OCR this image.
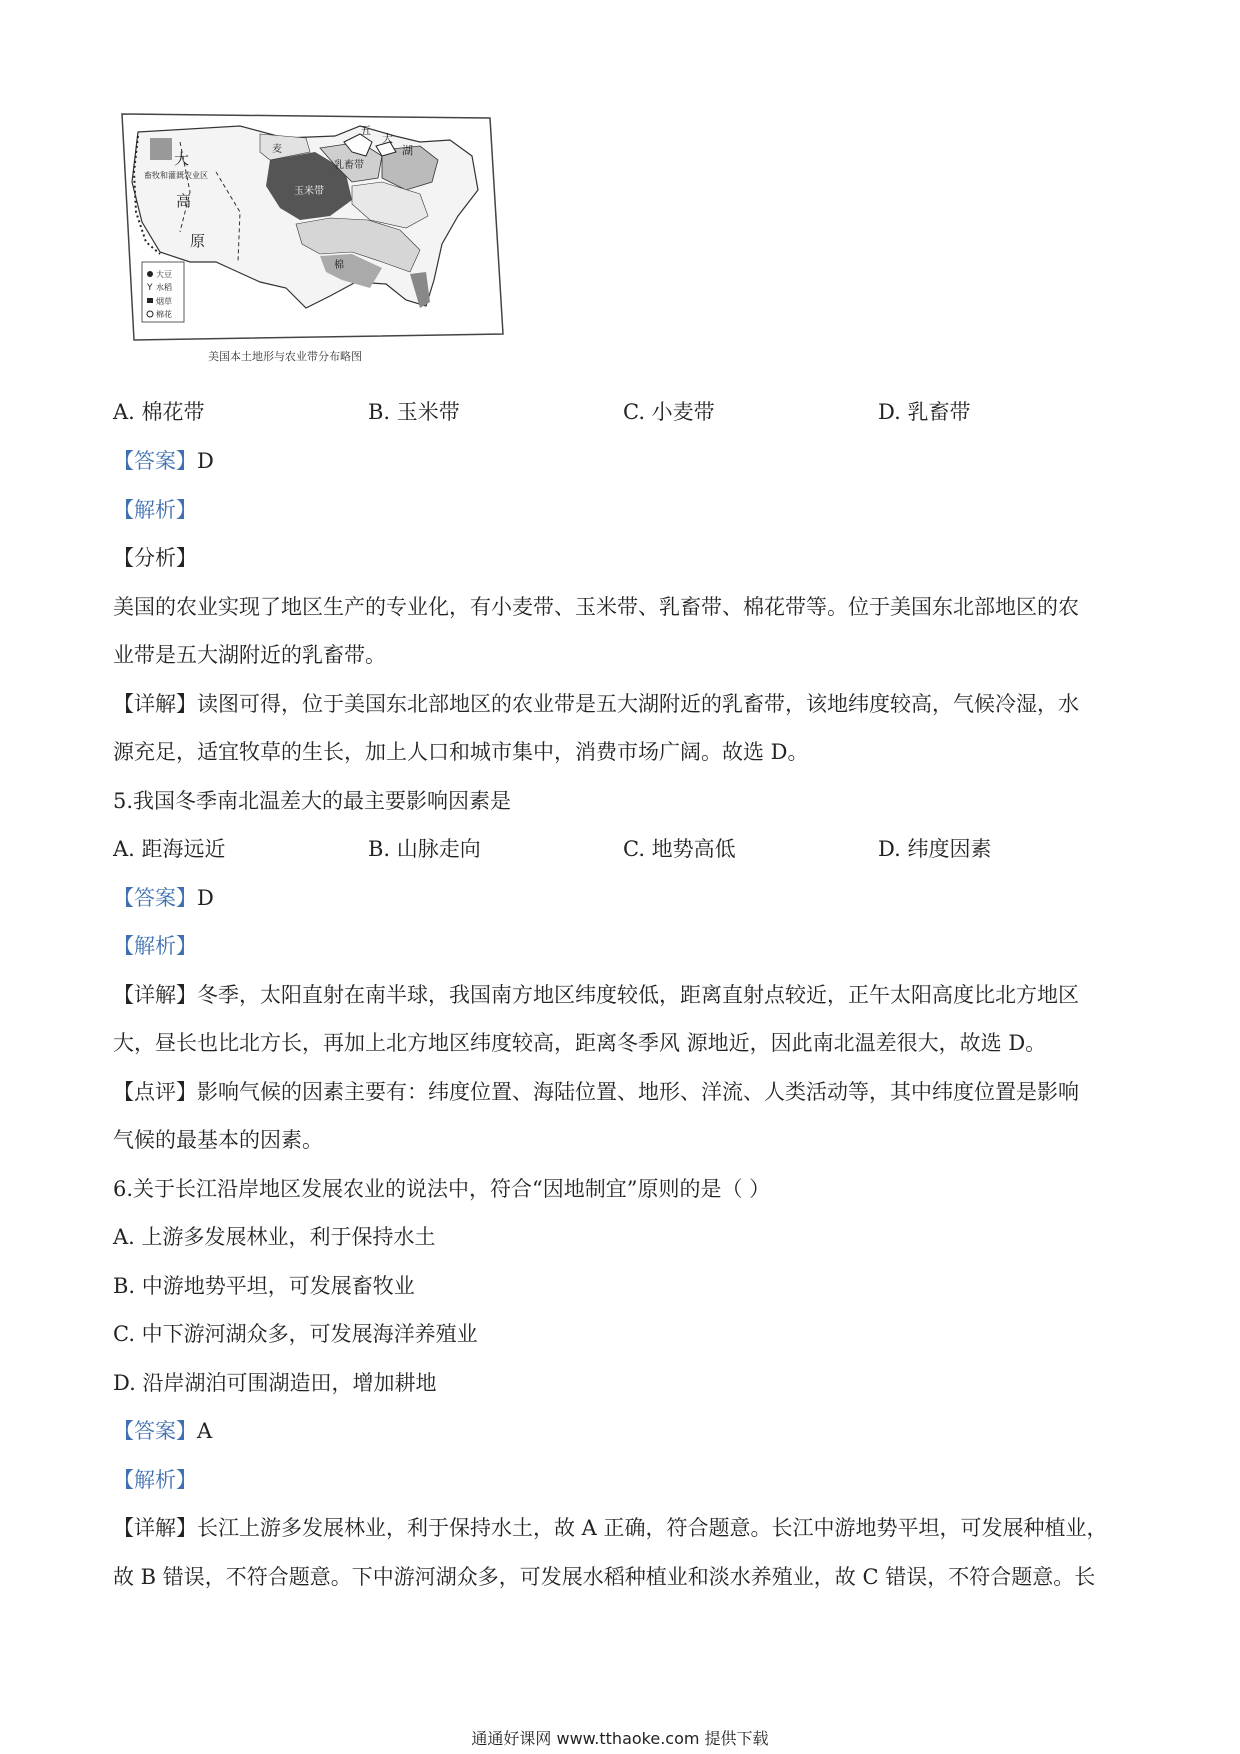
大豆
Y 水稻
烟草
棉花
五
大
湖
大
畜牧和灌溉农业区
高
原
玉米带
乳畜带
麦
棉
美国本土地形与农业带分布略图
A. 棉花带	B. 玉米带	C. 小麦带	D. 乳畜带
【答案】D
【解析】
【分析】
美国的农业实现了地区生产的专业化，有小麦带、玉米带、乳畜带、棉花带等。位于美国东北部地区的农
业带是五大湖附近的乳畜带。
【详解】读图可得，位于美国东北部地区的农业带是五大湖附近的乳畜带，该地纬度较高，气候冷湿，水
源充足，适宜牧草的生长，加上人口和城市集中，消费市场广阔。故选 D。
5.我国冬季南北温差大的最主要影响因素是
A. 距海远近	B. 山脉走向	C. 地势高低	D. 纬度因素
【答案】D
【解析】
【详解】冬季，太阳直射在南半球，我国南方地区纬度较低，距离直射点较近，正午太阳高度比北方地区
大，昼长也比北方长，再加上北方地区纬度较高，距离冬季风 源地近，因此南北温差很大，故选 D。
【点评】影响气候的因素主要有：纬度位置、海陆位置、地形、洋流、人类活动等，其中纬度位置是影响
气候的最基本的因素。
6.关于长江沿岸地区发展农业的说法中，符合“因地制宜”原则的是（ ）
A. 上游多发展林业，利于保持水土
B. 中游地势平坦，可发展畜牧业
C. 中下游河湖众多，可发展海洋养殖业
D. 沿岸湖泊可围湖造田，增加耕地
【答案】A
【解析】
【详解】长江上游多发展林业，利于保持水土，故 A 正确，符合题意。长江中游地势平坦，可发展种植业，
故 B 错误，不符合题意。下中游河湖众多，可发展水稻种植业和淡水养殖业，故 C 错误，不符合题意。长
通通好课网 www.tthaoke.com 提供下载
